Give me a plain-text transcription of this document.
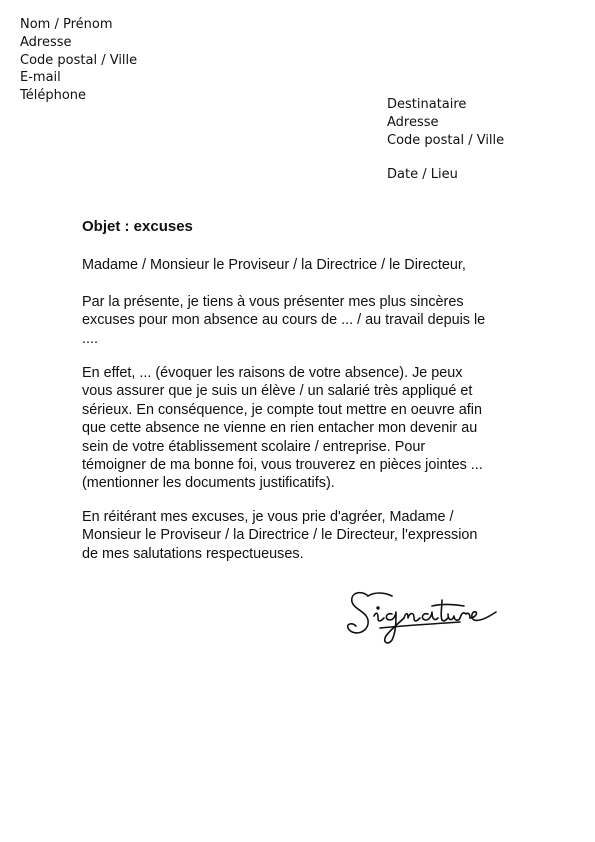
Nom / Prénom
Adresse
Code postal / Ville
E-mail
Téléphone
Destinataire
Adresse
Code postal / Ville
Date / Lieu
Objet : excuses
Madame / Monsieur le Proviseur / la Directrice / le Directeur,
Par la présente, je tiens à vous présenter mes plus sincères
excuses pour mon absence au cours de ... / au travail depuis le
....
En effet, ... (évoquer les raisons de votre absence). Je peux
vous assurer que je suis un élève / un salarié très appliqué et
sérieux. En conséquence, je compte tout mettre en oeuvre afin
que cette absence ne vienne en rien entacher mon devenir au
sein de votre établissement scolaire / entreprise. Pour
témoigner de ma bonne foi, vous trouverez en pièces jointes ...
(mentionner les documents justificatifs).
En réitérant mes excuses, je vous prie d'agréer, Madame /
Monsieur le Proviseur / la Directrice / le Directeur, l'expression
de mes salutations respectueuses.
